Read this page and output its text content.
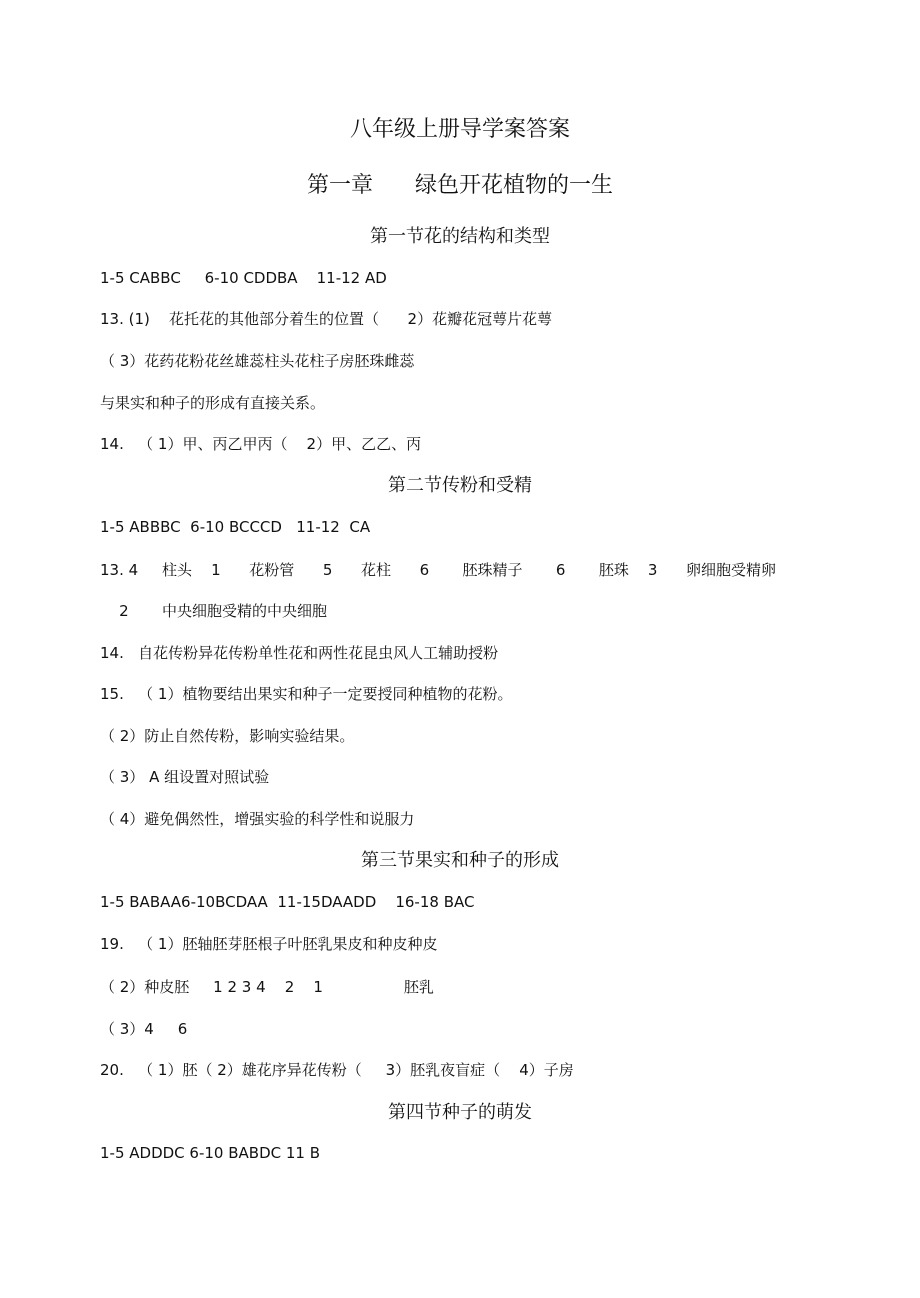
八年级上册导学案答案
第一章      绿色开花植物的一生
第一节花的结构和类型
1-5 CABBC     6-10 CDDBA    11-12 AD
13. (1)    花托花的其他部分着生的位置（      2）花瓣花冠萼片花萼
（ 3）花药花粉花丝雄蕊柱头花柱子房胚珠雌蕊
与果实和种子的形成有直接关系。
14.   （ 1）甲、丙乙甲丙（    2）甲、乙乙、丙
第二节传粉和受精
1-5 ABBBC  6-10 BCCCD   11-12  CA
13. 4     柱头    1      花粉管      5      花柱      6       胚珠精子       6       胚珠    3      卵细胞受精卵
2       中央细胞受精的中央细胞
14.   自花传粉异花传粉单性花和两性花昆虫风人工辅助授粉
15.   （ 1）植物要结出果实和种子一定要授同种植物的花粉。
（ 2）防止自然传粉，影响实验结果。
（ 3） A 组设置对照试验
（ 4）避免偶然性，增强实验的科学性和说服力
第三节果实和种子的形成
1-5 BABAA6-10BCDAA  11-15DAADD    16-18 BAC
19.   （ 1）胚轴胚芽胚根子叶胚乳果皮和种皮种皮
（ 2）种皮胚     1 2 3 4    2    1                 胚乳
（ 3）4     6
20.   （ 1）胚（ 2）雄花序异花传粉（     3）胚乳夜盲症（    4）子房
第四节种子的萌发
1-5 ADDDC 6-10 BABDC 11 B
